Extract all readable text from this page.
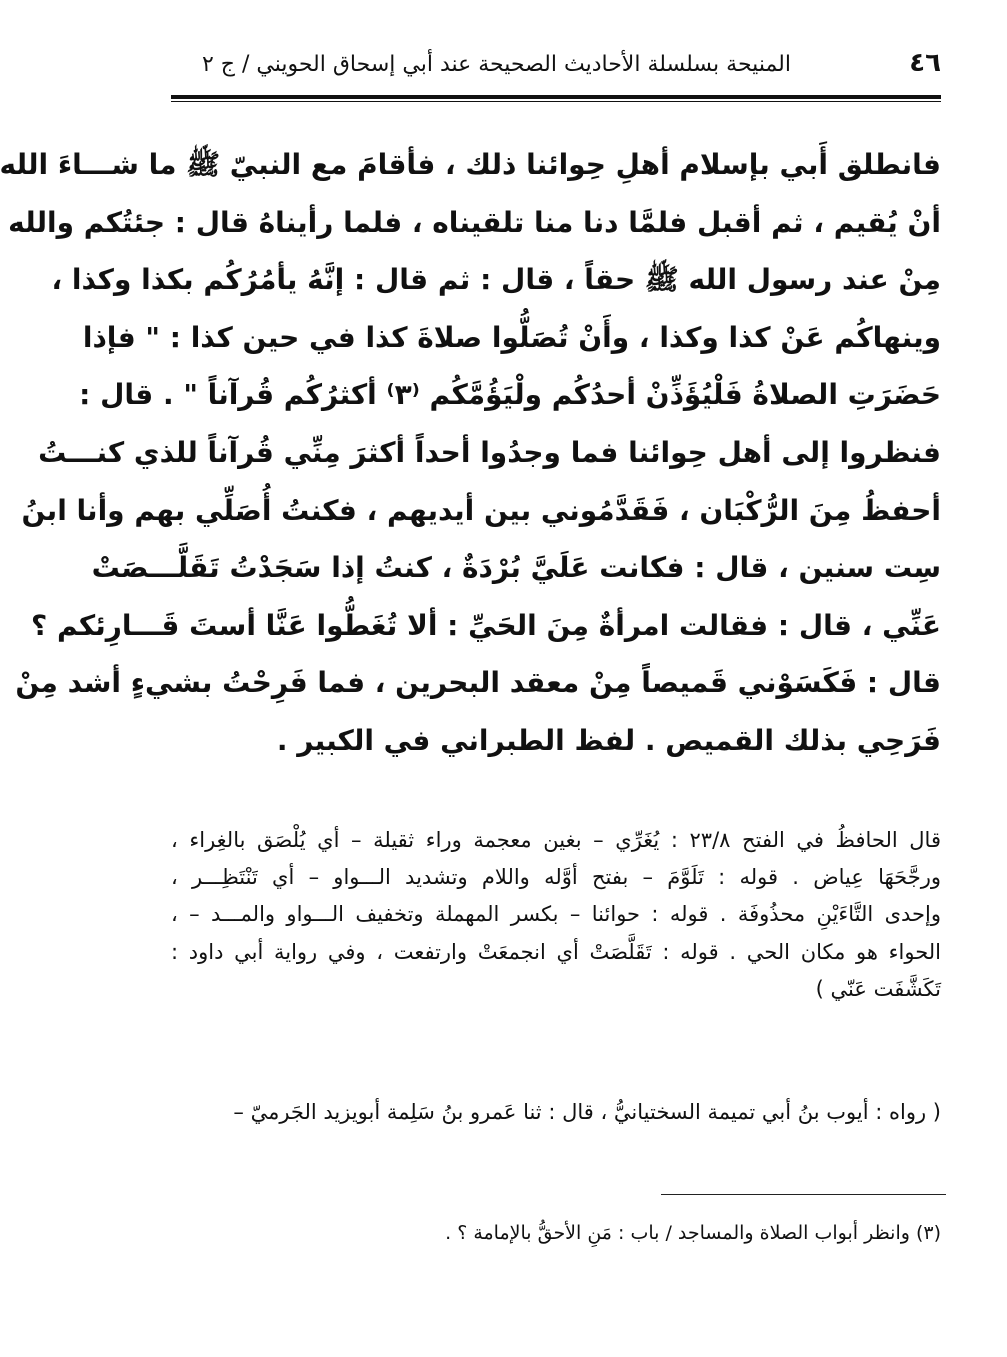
٤٦
المنيحة بسلسلة الأحاديث الصحيحة عند أبي إسحاق الحويني / ج ٢
فانطلق أَبي بإسلام أهلِ حِوائنا ذلك ، فأقامَ مع النبيّ ﷺ ما شـــاءَ الله
أنْ يُقيم ، ثم أقبل فلمَّا دنا منا تلقيناه ، فلما رأيناهُ قال : جئتُكم والله
مِنْ عند رسول الله ﷺ حقاً ، قال : ثم قال : إنَّهُ يأمُرُكُم بكذا وكذا ،
وينهاكُم عَنْ كذا وكذا ، وأَنْ تُصَلُّوا صلاةَ كذا في حين كذا : " فإذا
حَضَرَتِ الصلاةُ فَلْيُؤَذِّنْ أحدُكُم ولْيَؤُمَّكُم ⁽٣⁾ أكثرُكُم قُرآناً " . قال :
فنظروا إلى أهل حِوائنا فما وجدُوا أحداً أكثرَ مِنِّي قُرآناً للذي كنـــتُ
أحفظُ مِنَ الرُّكْبَان ، فَقَدَّمُوني بين أيديهم ، فكنتُ أُصَلِّي بهم وأنا ابنُ
سِت سنين ، قال : فكانت عَلَيَّ بُرْدَةٌ ، كنتُ إذا سَجَدْتُ تَقَلَّـــصَتْ
عَنِّي ، قال : فقالت امرأةٌ مِنَ الحَيِّ : ألا تُغَطُّوا عَنَّا أستَ قَـــارِئكم ؟
قال : فَكَسَوْني قَميصاً مِنْ معقد البحرين ، فما فَرِحْتُ بشيءٍ أشد مِنْ
فَرَحِي بذلك القميص . لفظ الطبراني في الكبير .
قال الحافظُ في الفتح ٢٣/٨ : يُغَرِّي – بغين معجمة وراء ثقيلة – أي يُلْصَق بالغِراء ،
ورجَّحَهَا عِياض . قوله : تَلَوَّمَ – بفتح أوَّله واللام وتشديد الـــواو – أي تَنْتَظِـــر ،
وإحدى التَّاءَيْنِ محذُوفَة . قوله : حوائنا – بكسر المهملة وتخفيف الـــواو والمـــد – ،
الحواء هو مكان الحي . قوله : تَقَلَّصَتْ أي انجمعَتْ وارتفعت ، وفي رواية أبي داود :
تَكَشَّفَت عَنّي )
( رواه : أيوب بنُ أبي تميمة السختيانيُّ ، قال : ثنا عَمرو بنُ سَلِمة أبويزيد الجَرميّ –
(٣) وانظر أبواب الصلاة والمساجد / باب : مَنِ الأحقُّ بالإمامة ؟ .
